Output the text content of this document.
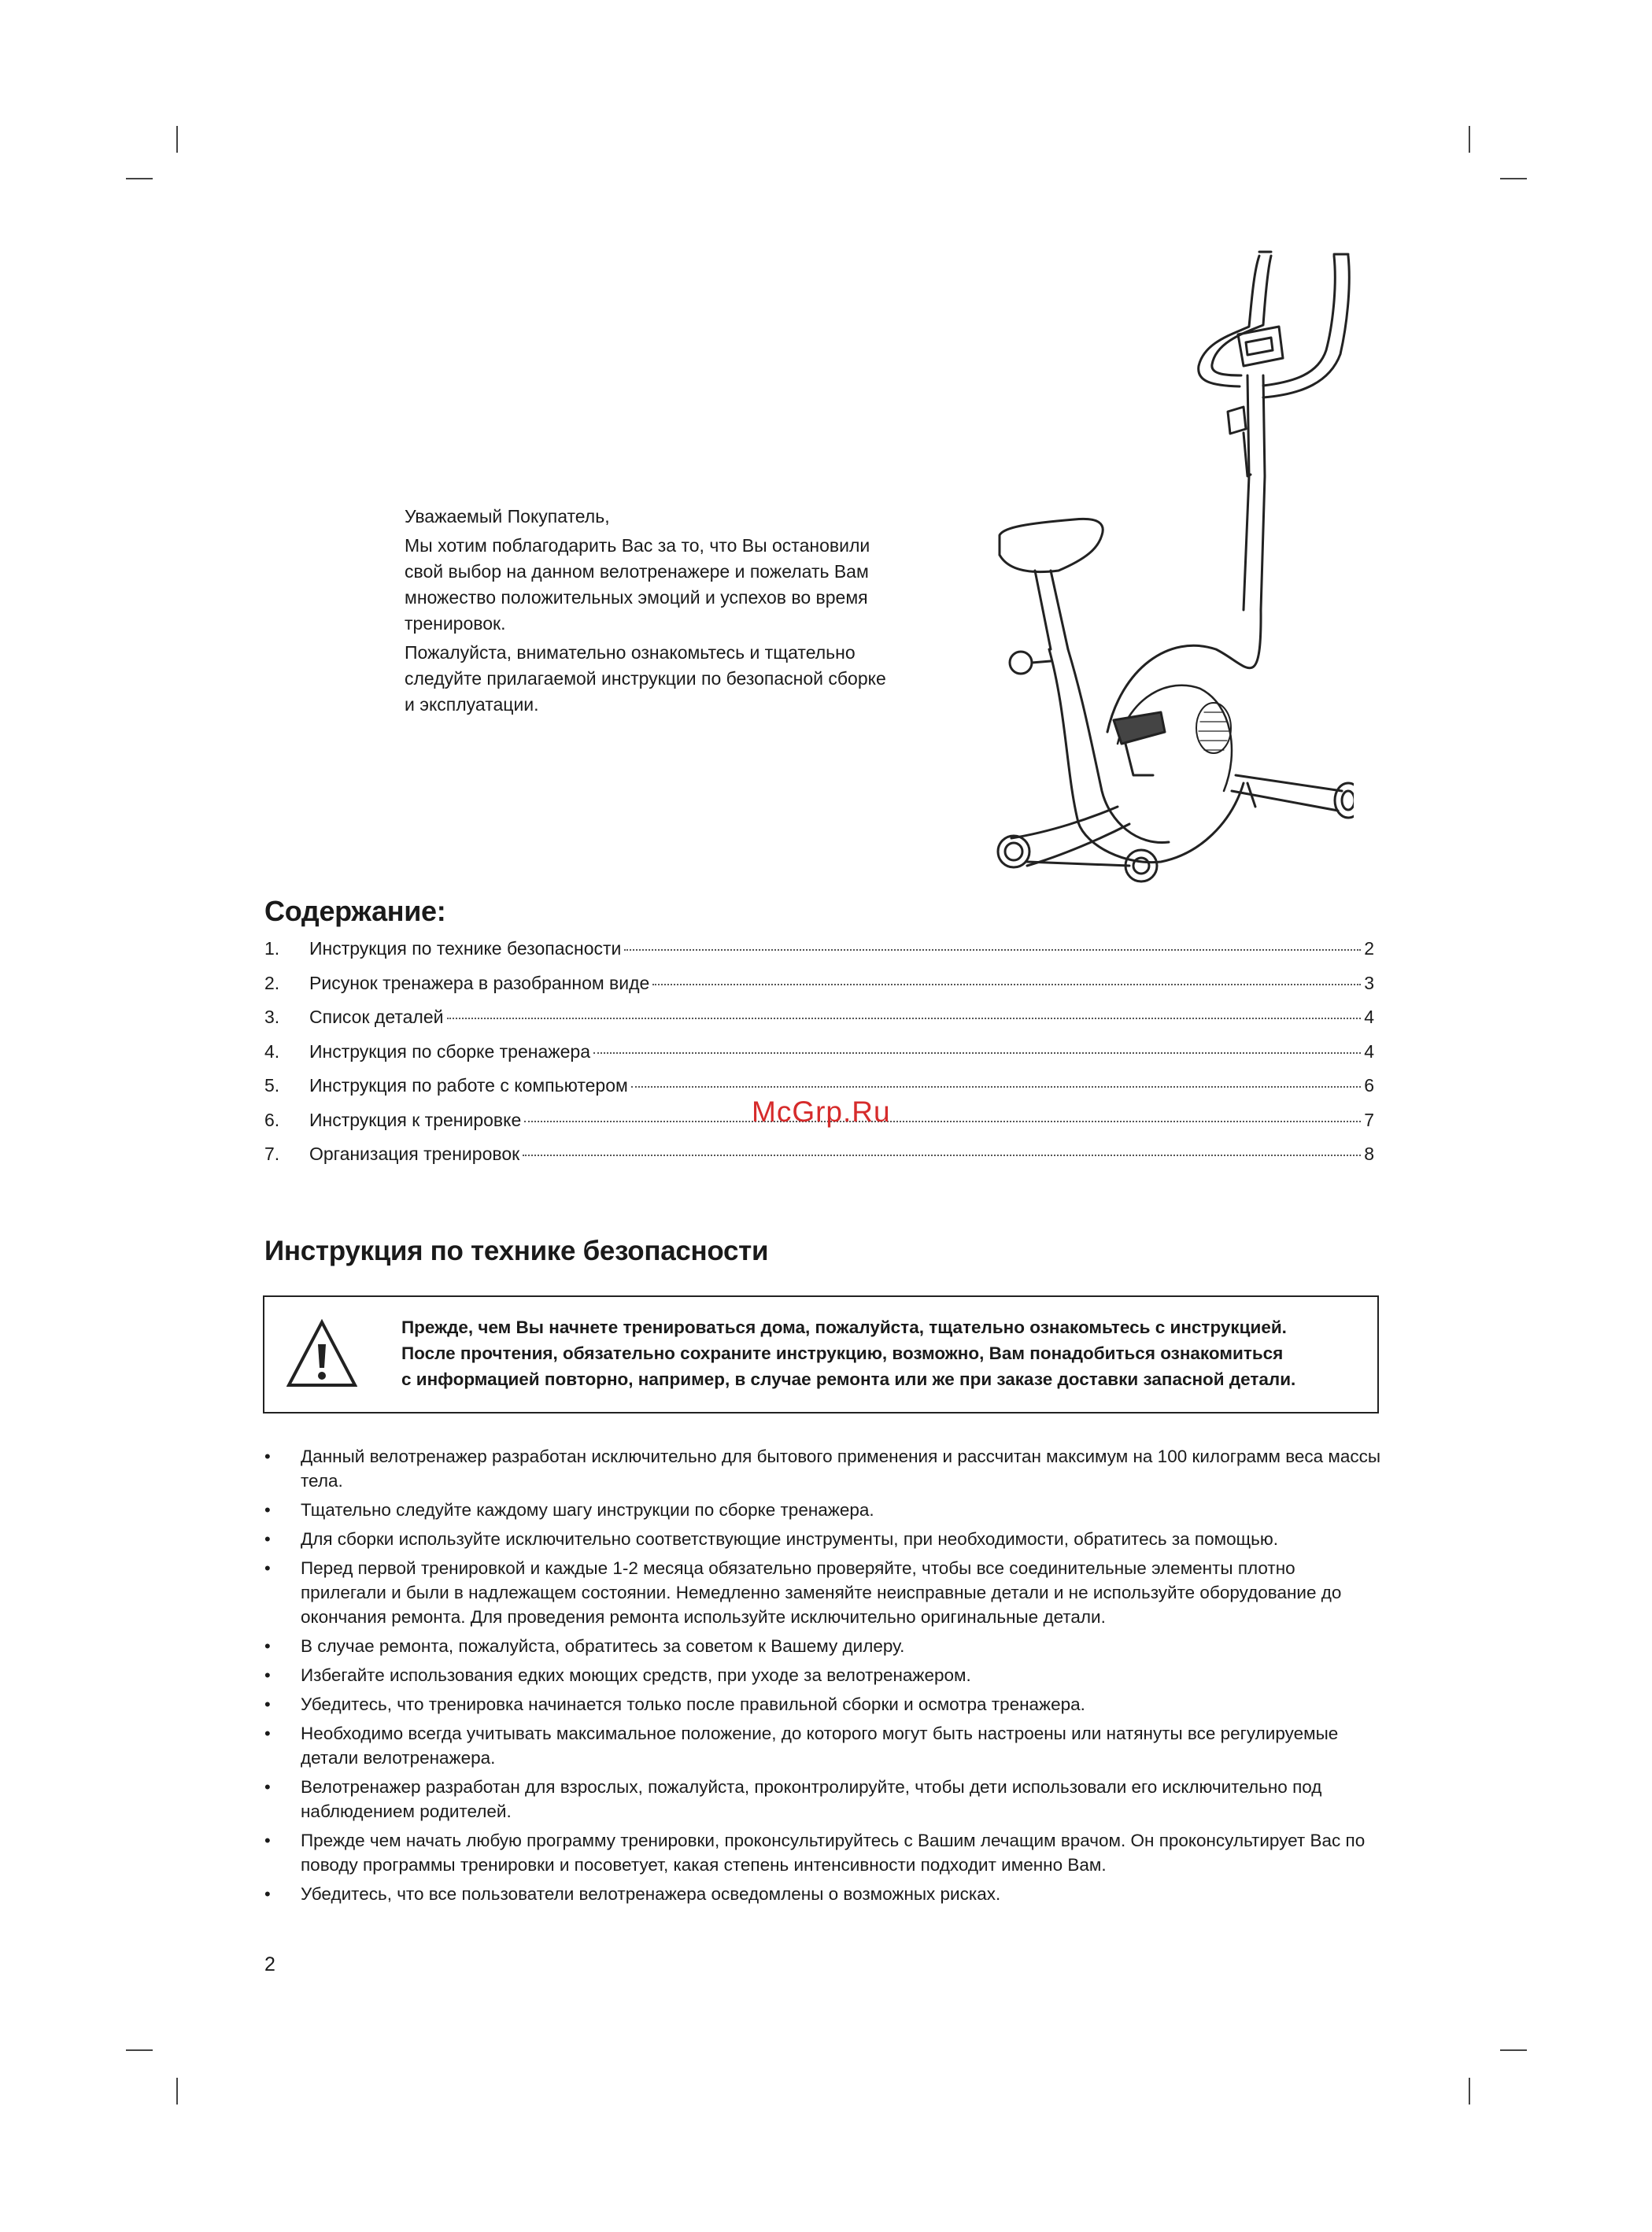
Уважаемый Покупатель,

Мы хотим поблагодарить Вас за то, что Вы остановили свой выбор на данном велотренажере и пожелать Вам множество положительных эмоций и успехов во время тренировок.

Пожалуйста, внимательно ознакомьтесь и тщательно следуйте прилагаемой инструкции по безопасной сборке и эксплуатации.

Содержание:
1.	Инструкция по технике безопасности	2
2.	Рисунок тренажера в разобранном виде	3
3.	Список деталей	4
4.	Инструкция по сборке тренажера	4
5.	Инструкция по работе с компьютером	6
6.	Инструкция к тренировке	7
7.	Организация тренировок	8
McGrp.Ru
Инструкция по технике безопасности

Прежде, чем Вы начнете тренироваться дома, пожалуйста, тщательно ознакомьтесь с инструкцией.

После прочтения, обязательно сохраните инструкцию, возможно, Вам понадобиться ознакомиться

с информацией повторно, например, в случае ремонта или же при заказе доставки запасной детали.

• Данный велотренажер разработан исключительно для бытового применения и рассчитан максимум на 100 килограмм веса массы тела.
• Тщательно следуйте каждому шагу инструкции по сборке тренажера.
• Для сборки используйте исключительно соответствующие инструменты, при необходимости, обратитесь за помощью.
• Перед первой тренировкой и каждые 1-2 месяца обязательно проверяйте, чтобы все соединительные элементы плотно прилегали и были в надлежащем состоянии. Немедленно заменяйте неисправные детали и не используйте оборудование до окончания ремонта. Для проведения ремонта используйте исключительно оригинальные детали.
• В случае ремонта, пожалуйста, обратитесь за советом к Вашему дилеру.
• Избегайте использования едких моющих средств, при уходе за велотренажером.
• Убедитесь, что тренировка начинается только после правильной сборки и осмотра тренажера.
• Необходимо всегда учитывать максимальное положение, до которого могут быть настроены или натянуты все регулируемые детали велотренажера.
• Велотренажер разработан для взрослых, пожалуйста, проконтролируйте, чтобы дети использовали его исключительно под наблюдением родителей.
• Прежде чем начать любую программу тренировки, проконсультируйтесь с Вашим лечащим врачом. Он проконсультирует Вас по поводу программы тренировки и посоветует, какая степень интенсивности подходит именно Вам.
• Убедитесь, что все пользователи велотренажера осведомлены о возможных рисках.
2
